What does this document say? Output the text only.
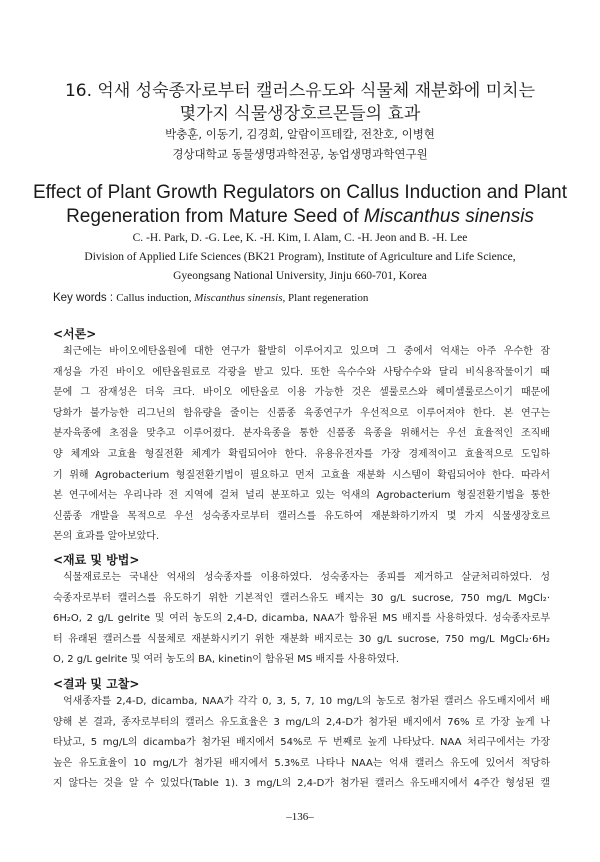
16. 억새 성숙종자로부터 캘러스유도와 식물체 재분화에 미치는
몇가지 식물생장호르몬들의 효과
박충훈, 이동기, 김경희, 알람이프테칼, 전찬호, 이병현
경상대학교 동물생명과학전공, 농업생명과학연구원
Effect of Plant Growth Regulators on Callus Induction and Plant
Regeneration from Mature Seed of Miscanthus sinensis
C. -H. Park, D. -G. Lee, K. -H. Kim, I. Alam, C. -H. Jeon and B. -H. Lee
Division of Applied Life Sciences (BK21 Program), Institute of Agriculture and Life Science,
Gyeongsang National University, Jinju 660-701, Korea
Key words : Callus induction, Miscanthus sinensis, Plant regeneration
<서론>
최근에는 바이오에탄올원에 대한 연구가 활발히 이루어지고 있으며 그 중에서 억새는 아주 우수한 잠
재성을 가진 바이오 에탄올원료로 각광을 받고 있다. 또한 옥수수와 사탕수수와 달리 비식용작물이기 때
문에 그 잠재성은 더욱 크다. 바이오 에탄올로 이용 가능한 것은 셀룰로스와 헤미셀룰로스이기 때문에
당화가 불가능한 리그닌의 함유량을 줄이는 신품종 육종연구가 우선적으로 이루어져야 한다. 본 연구는
분자육종에 초점을 맞추고 이루어졌다. 분자육종을 통한 신품종 육종을 위해서는 우선 효율적인 조직배
양 체계와 고효율 형질전환 체계가 확립되어야 한다. 유용유전자를 가장 경제적이고 효율적으로 도입하
기 위해 Agrobacterium 형질전환기법이 필요하고 먼저 고효율 재분화 시스템이 확립되어야 한다. 따라서
본 연구에서는 우리나라 전 지역에 걸쳐 널리 분포하고 있는 억새의 Agrobacterium 형질전환기법을 통한
신품종 개발을 목적으로 우선 성숙종자로부터 캘러스를 유도하여 재분화하기까지 몇 가지 식물생장호르
몬의 효과를 알아보았다.
<재료 및 방법>
식물재료로는 국내산 억새의 성숙종자를 이용하였다. 성숙종자는 종피를 제거하고 살균처리하였다. 성
숙종자로부터 캘러스를 유도하기 위한 기본적인 캘러스유도 배지는 30 g/L sucrose, 750 mg/L MgCl₂·
6H₂O, 2 g/L gelrite 및 여러 농도의 2,4-D, dicamba, NAA가 함유된 MS 배지를 사용하였다. 성숙종자로부
터 유래된 캘러스를 식물체로 재분화시키기 위한 재분화 배지로는 30 g/L sucrose, 750 mg/L MgCl₂·6H₂
O, 2 g/L gelrite 및 여러 농도의 BA, kinetin이 함유된 MS 배지를 사용하였다.
<결과 및 고찰>
억새종자를 2,4-D, dicamba, NAA가 각각 0, 3, 5, 7, 10 mg/L의 농도로 첨가된 캘러스 유도배지에서 배
양해 본 결과, 종자로부터의 캘러스 유도효율은 3 mg/L의 2,4-D가 첨가된 배지에서 76% 로 가장 높게 나
타났고, 5 mg/L의 dicamba가 첨가된 배지에서 54%로 두 번째로 높게 나타났다. NAA 처리구에서는 가장
높은 유도효율이 10 mg/L가 첨가된 배지에서 5.3%로 나타나 NAA는 억새 캘러스 유도에 있어서 적당하
지 않다는 것을 알 수 있었다(Table 1). 3 mg/L의 2,4-D가 첨가된 캘러스 유도배지에서 4주간 형성된 캘
–136–
